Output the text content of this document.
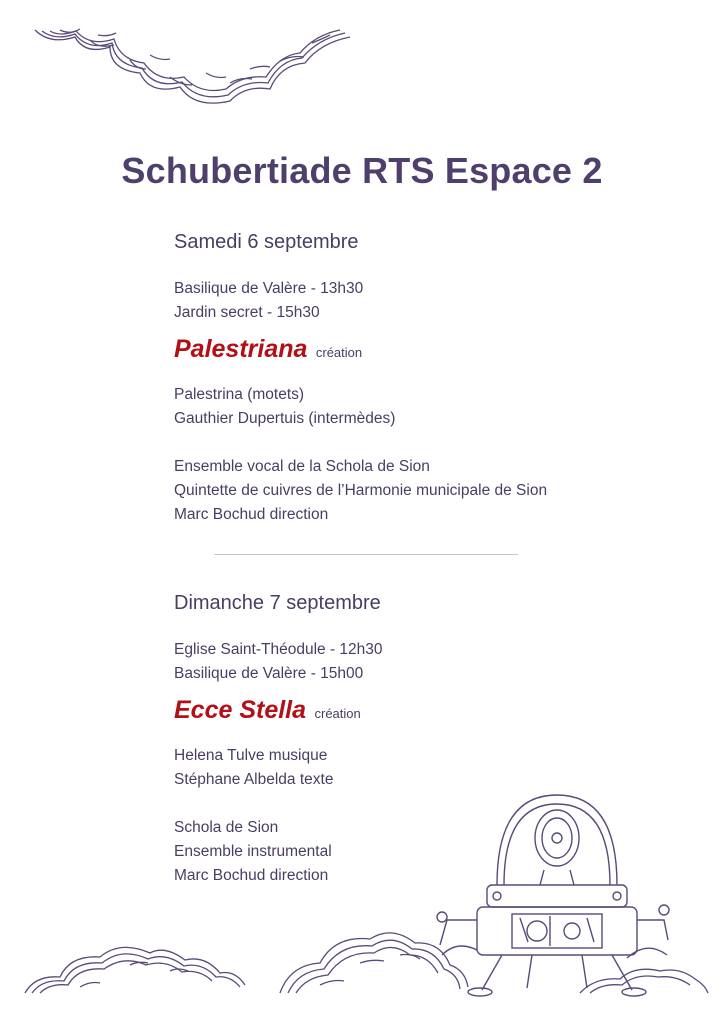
Schubertiade RTS Espace 2
Samedi 6 septembre
Basilique de Valère - 13h30
Jardin secret - 15h30
Palestriana création
Palestrina (motets)
Gauthier Dupertuis (intermèdes)
Ensemble vocal de la Schola de Sion
Quintette de cuivres de l’Harmonie municipale de Sion
Marc Bochud direction
Dimanche 7 septembre
Eglise Saint-Théodule - 12h30
Basilique de Valère - 15h00
Ecce Stella création
Helena Tulve musique
Stéphane Albelda texte
Schola de Sion
Ensemble instrumental
Marc Bochud direction
